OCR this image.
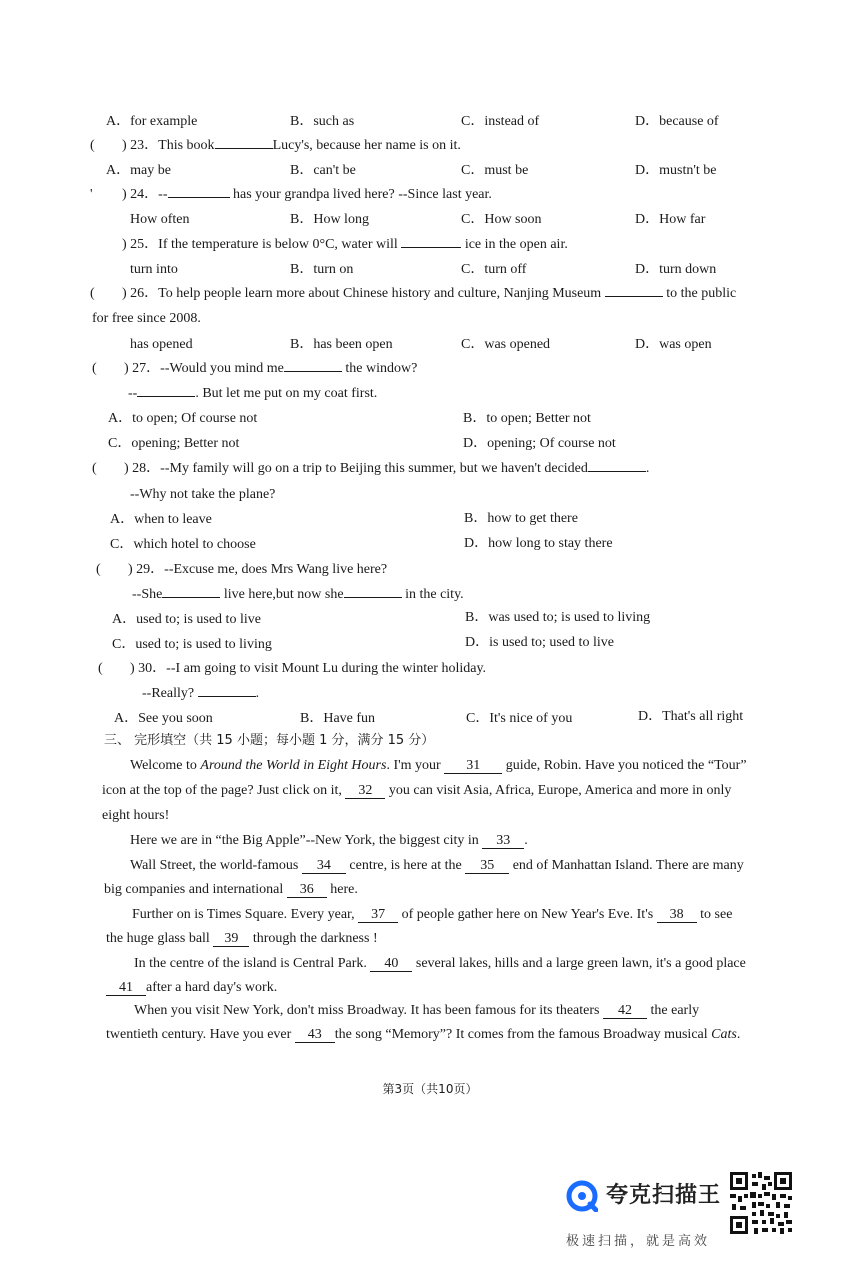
A．for example	B．such as	C．instead of	D．because of
( ) 23．This book	Lucy's, because her name is on it.
A．may be	B．can't be	C．must be	D．mustn't be
' ) 24．--	has your grandpa lived here? --Since last year.
How often	B．How long	C．How soon	D．How far
) 25．If the temperature is below 0°C, water will	ice in the open air.
turn into	B．turn on	C．turn off	D．turn down
( ) 26．To help people learn more about Chinese history and culture, Nanjing Museum	to the public
for free since 2008.
has opened	B．has been open	C．was opened	D．was open
( ) 27．--Would you mind me	the window?
--	. But let me put on my coat first.
A．to open; Of course not	B．to open; Better not
C．opening; Better not	D．opening; Of course not
( ) 28．--My family will go on a trip to Beijing this summer, but we haven't decided	.
--Why not take the plane?
A．when to leave	B．how to get there
C．which hotel to choose	D．how long to stay there
( ) 29．--Excuse me, does Mrs Wang live here?
--She	live here,but now she	in the city.
A．used to; is used to live	B．was used to; is used to living
C．used to; is used to living	D．is used to; used to live
( ) 30．--I am going to visit Mount Lu during the winter holiday.
--Really?	.
A．See you soon	B．Have fun	C．It's nice of you	D．That's all right
三、 完形填空（共 15 小题；每小题 1 分，满分 15 分）
Welcome to Around the World in Eight Hours. I'm your 31 guide, Robin. Have you noticed the “Tour”
icon at the top of the page? Just click on it, 32 you can visit Asia, Africa, Europe, America and more in only
eight hours!
Here we are in “the Big Apple”--New York, the biggest city in 33 .
Wall Street, the world-famous 34 centre, is here at the 35 end of Manhattan Island. There are many
big companies and international 36 here.
Further on is Times Square. Every year, 37 of people gather here on New Year's Eve. It's 38 to see
the huge glass ball 39 through the darkness !
In the centre of the island is Central Park. 40 several lakes, hills and a large green lawn, it's a good place
41 after a hard day's work.
When you visit New York, don't miss Broadway. It has been famous for its theaters 42 the early
twentieth century. Have you ever 43 the song “Memory”? It comes from the famous Broadway musical Cats.
第3页（共10页）
夸克扫描王
极速扫描，就是高效
